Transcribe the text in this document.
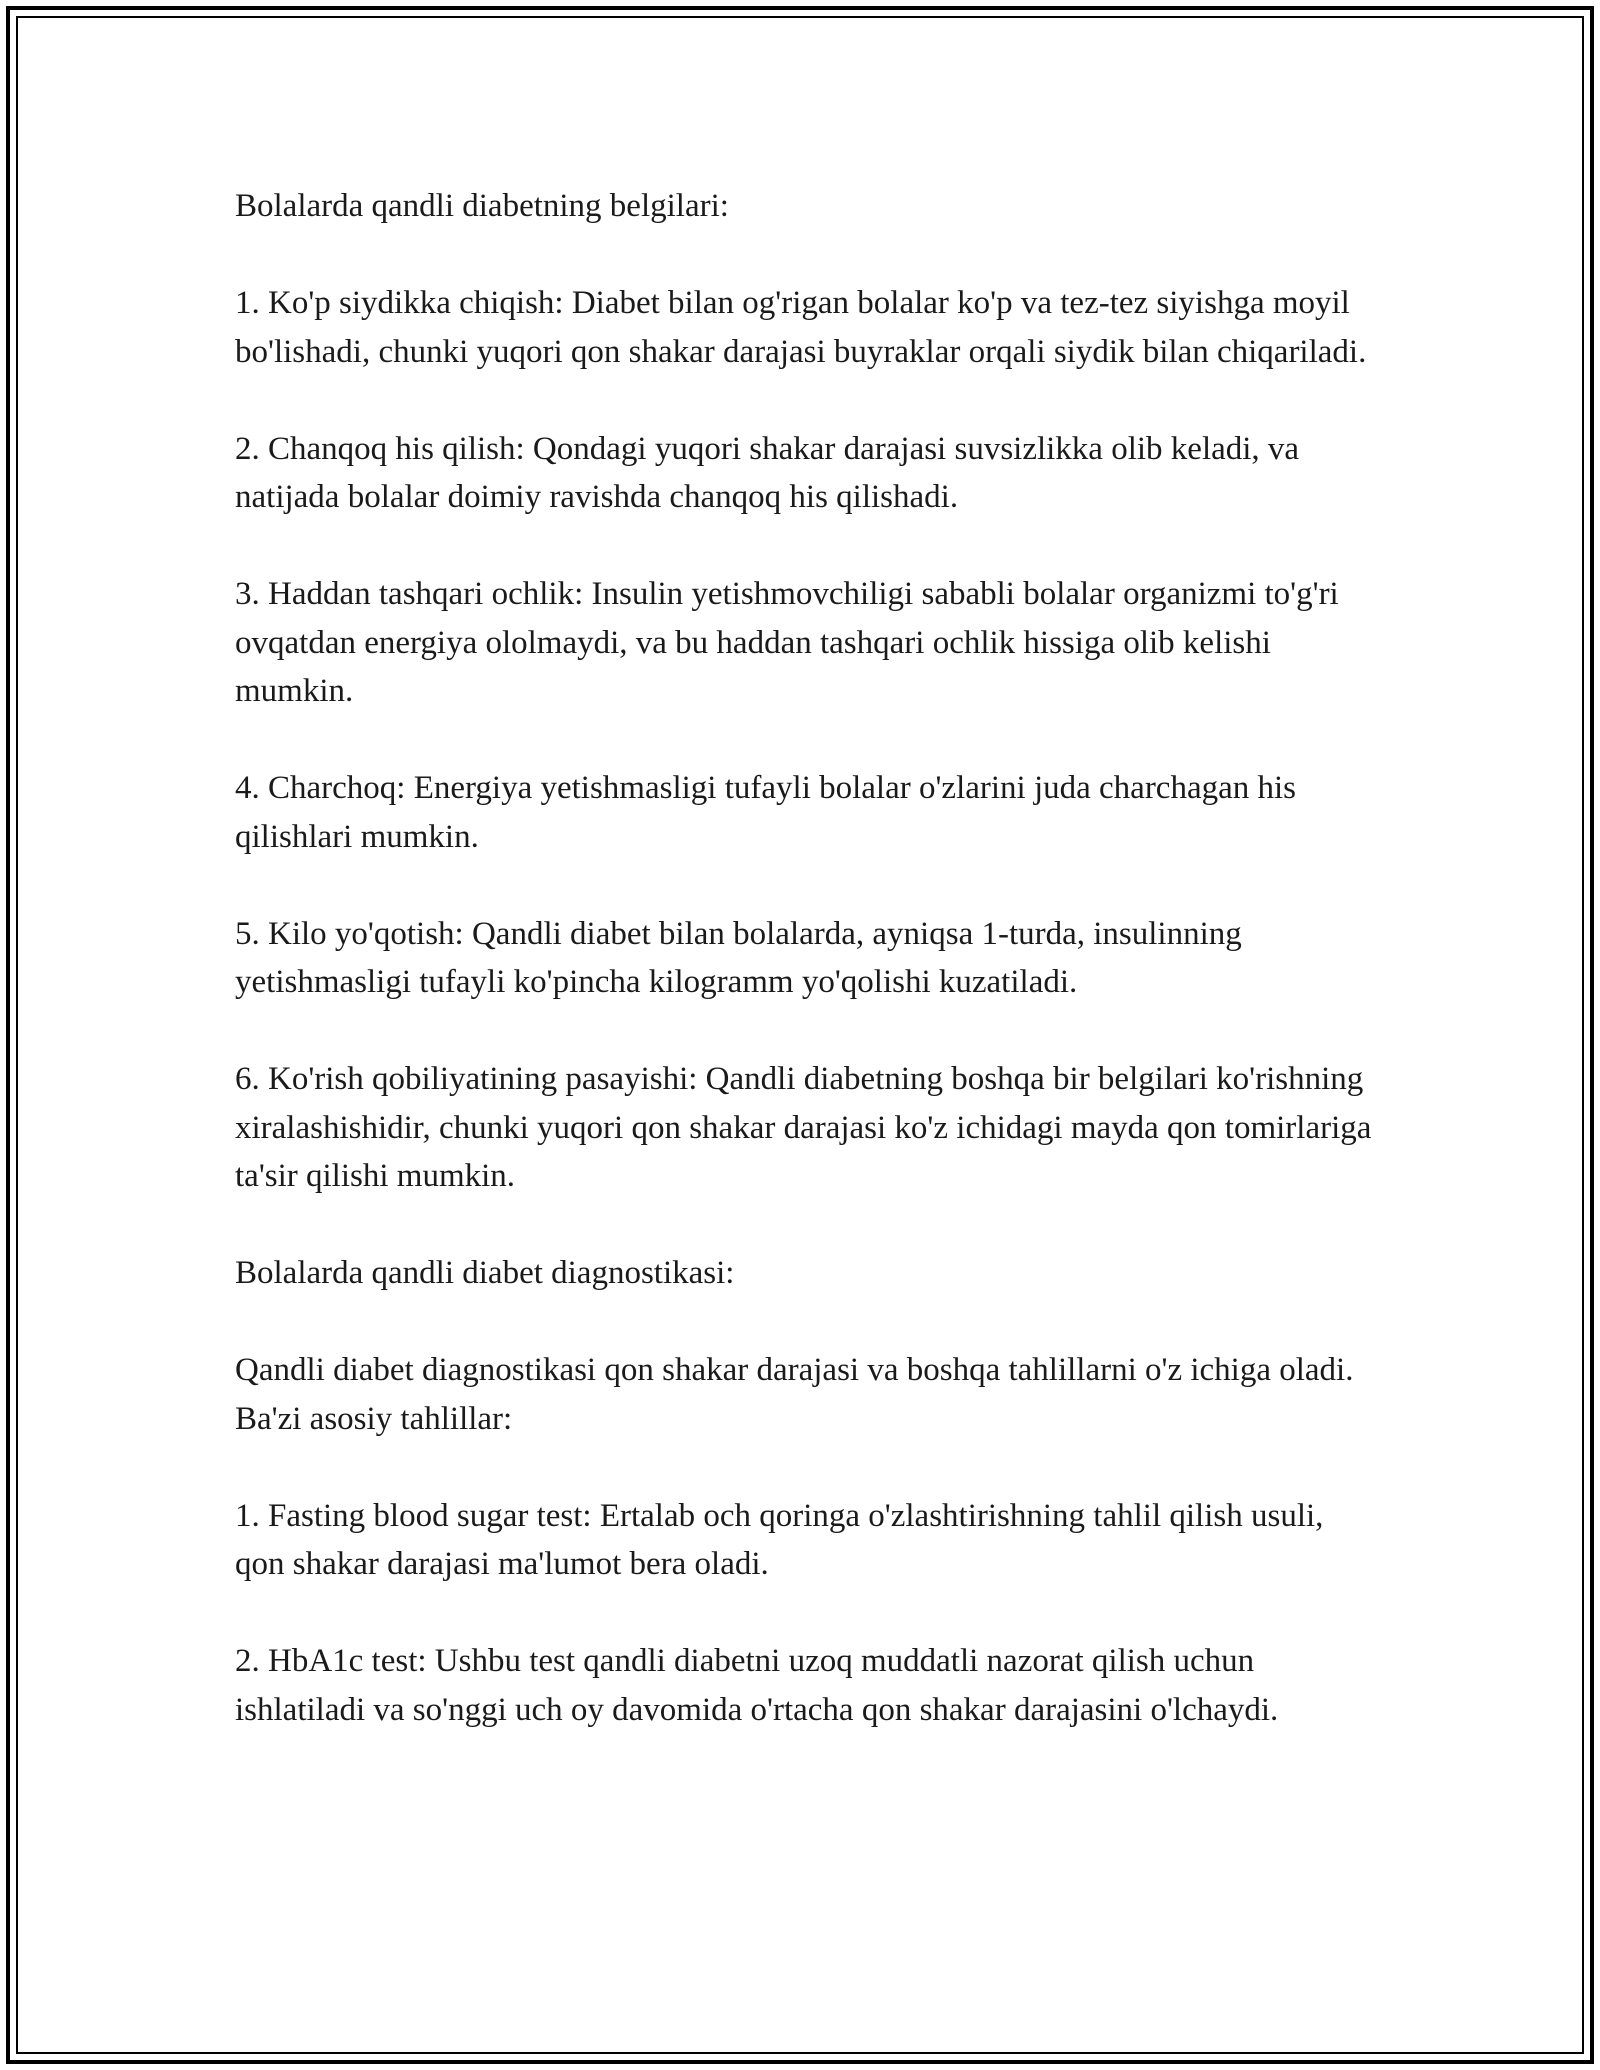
Bolalarda qandli diabetning belgilari:

1. Ko'p siydikka chiqish: Diabet bilan og'rigan bolalar ko'p va tez-tez siyishga moyil bo'lishadi, chunki yuqori qon shakar darajasi buyraklar orqali siydik bilan chiqariladi.

2. Chanqoq his qilish: Qondagi yuqori shakar darajasi suvsizlikka olib keladi, va natijada bolalar doimiy ravishda chanqoq his qilishadi.

3. Haddan tashqari ochlik: Insulin yetishmovchiligi sababli bolalar organizmi to'g'ri ovqatdan energiya ololmaydi, va bu haddan tashqari ochlik hissiga olib kelishi mumkin.

4. Charchoq: Energiya yetishmasligi tufayli bolalar o'zlarini juda charchagan his qilishlari mumkin.

5. Kilo yo'qotish: Qandli diabet bilan bolalarda, ayniqsa 1-turda, insulinning yetishmasligi tufayli ko'pincha kilogramm yo'qolishi kuzatiladi.

6. Ko'rish qobiliyatining pasayishi: Qandli diabetning boshqa bir belgilari ko'rishning xiralashishidir, chunki yuqori qon shakar darajasi ko'z ichidagi mayda qon tomirlariga ta'sir qilishi mumkin.

Bolalarda qandli diabet diagnostikasi:

Qandli diabet diagnostikasi qon shakar darajasi va boshqa tahlillarni o'z ichiga oladi. Ba'zi asosiy tahlillar:

1. Fasting blood sugar test: Ertalab och qoringa o'zlashtirishning tahlil qilish usuli, qon shakar darajasi ma'lumot bera oladi.

2. HbA1c test: Ushbu test qandli diabetni uzoq muddatli nazorat qilish uchun ishlatiladi va so'nggi uch oy davomida o'rtacha qon shakar darajasini o'lchaydi.
